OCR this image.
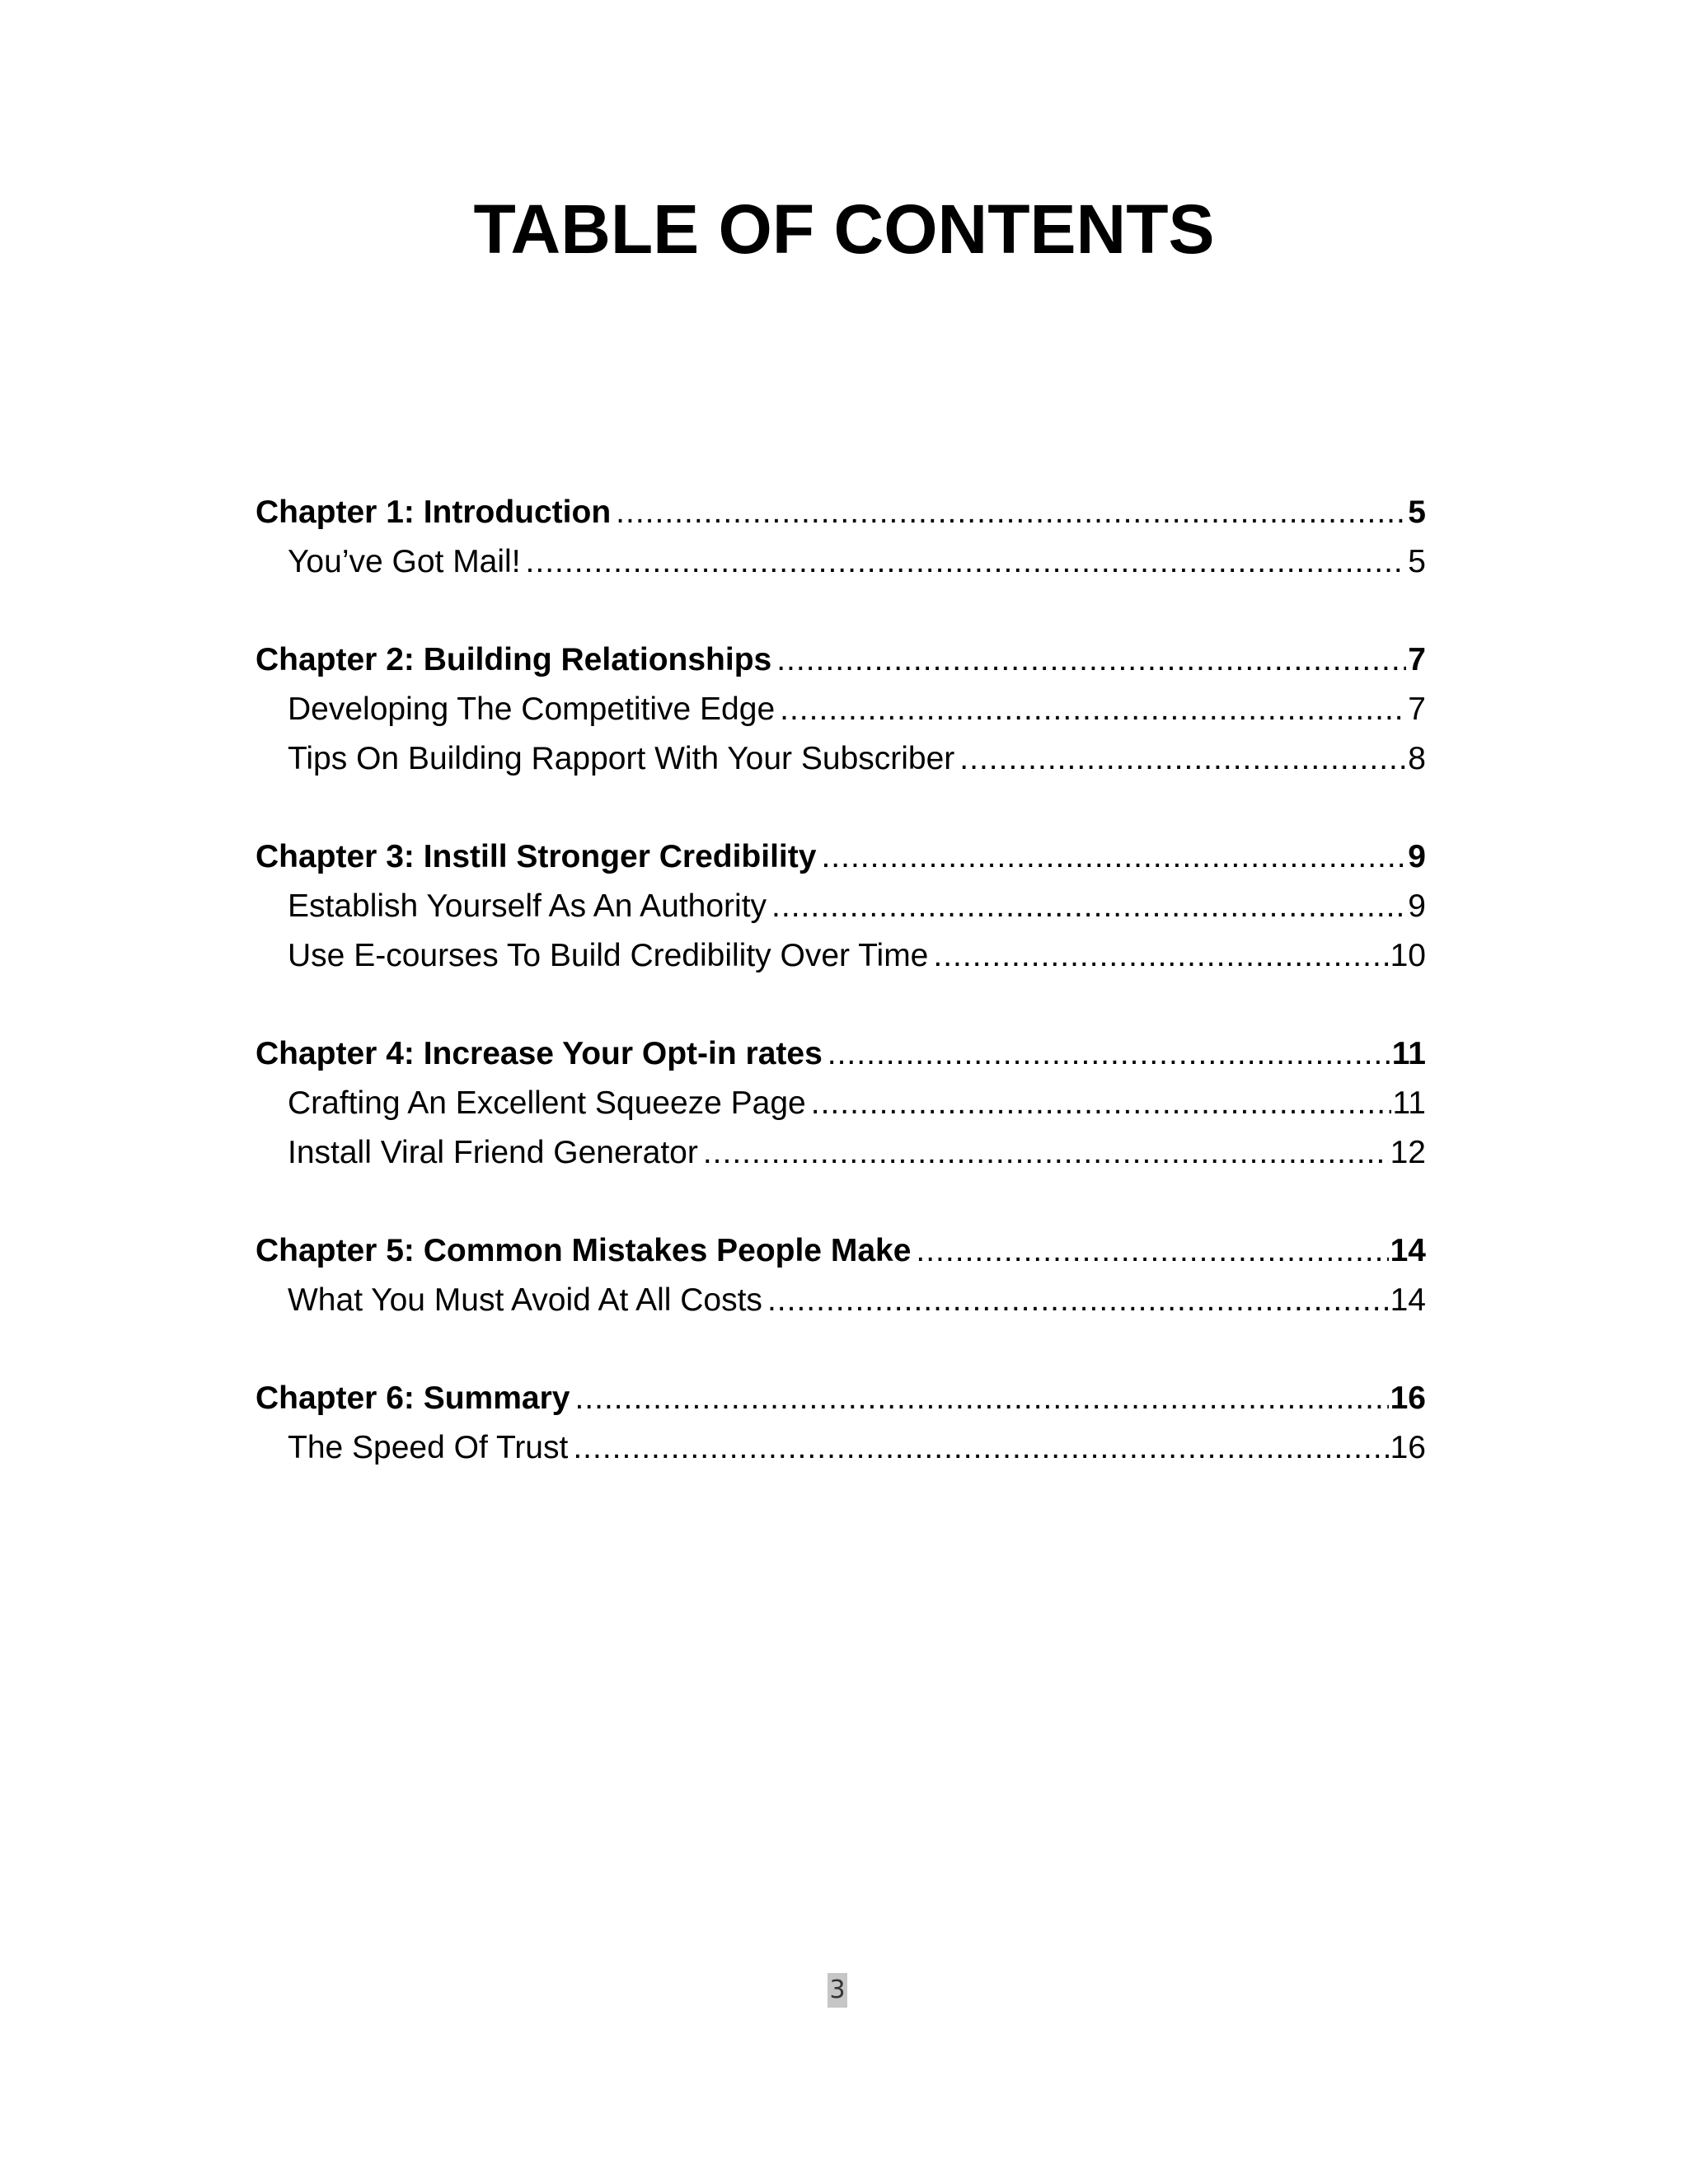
TABLE OF CONTENTS
Chapter 1: Introduction .....	5
You’ve Got Mail! .....	5
Chapter 2: Building Relationships .....	7
Developing The Competitive Edge .....	7
Tips On Building Rapport With Your Subscriber .....	8
Chapter 3: Instill Stronger Credibility .....	9
Establish Yourself As An Authority .....	9
Use E-courses To Build Credibility Over Time .....	10
Chapter 4: Increase Your Opt-in rates .....	11
Crafting An Excellent Squeeze Page .....	11
Install Viral Friend Generator .....	12
Chapter 5: Common Mistakes People Make .....	14
What You Must Avoid At All Costs .....	14
Chapter 6: Summary .....	16
The Speed Of Trust .....	16
3
